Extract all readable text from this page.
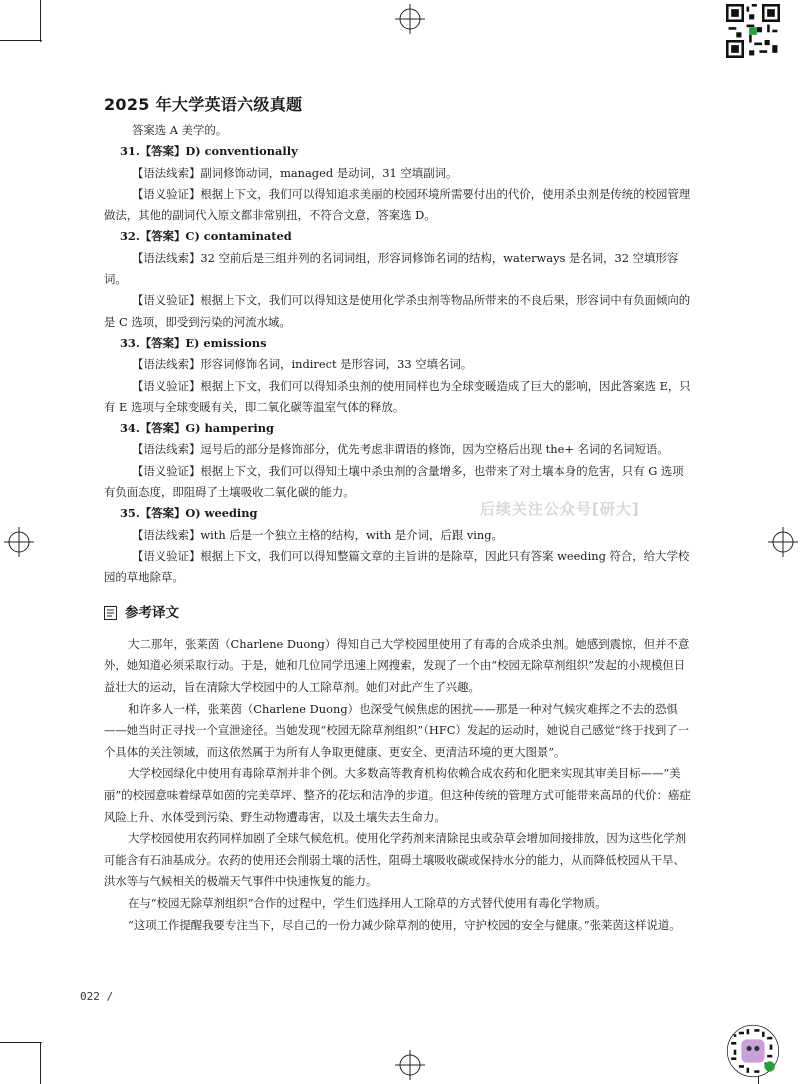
2025 年大学英语六级真题

答案选 A 美学的。

31.【答案】D) conventionally

【语法线索】副词修饰动词，managed 是动词，31 空填副词。

【语义验证】根据上下文，我们可以得知追求美丽的校园环境所需要付出的代价，使用杀虫剂是传统的校园管理做法，其他的副词代入原文都非常别扭，不符合文意，答案选 D。

32.【答案】C) contaminated

【语法线索】32 空前后是三组并列的名词词组，形容词修饰名词的结构，waterways 是名词，32 空填形容词。

【语义验证】根据上下文，我们可以得知这是使用化学杀虫剂等物品所带来的不良后果，形容词中有负面倾向的是 C 选项，即受到污染的河流水域。

33.【答案】E) emissions

【语法线索】形容词修饰名词，indirect 是形容词，33 空填名词。

【语义验证】根据上下文，我们可以得知杀虫剂的使用同样也为全球变暖造成了巨大的影响，因此答案选 E，只有 E 选项与全球变暖有关，即二氧化碳等温室气体的释放。

34.【答案】G) hampering

【语法线索】逗号后的部分是修饰部分，优先考虑非谓语的修饰，因为空格后出现 the+ 名词的名词短语。

【语义验证】根据上下文，我们可以得知土壤中杀虫剂的含量增多，也带来了对土壤本身的危害，只有 G 选项有负面态度，即阻碍了土壤吸收二氧化碳的能力。

35.【答案】O) weeding

【语法线索】with 后是一个独立主格的结构，with 是介词，后跟 ving。

【语义验证】根据上下文，我们可以得知整篇文章的主旨讲的是除草，因此只有答案 weeding 符合，给大学校园的草地除草。

参考译文

大二那年，张莱茵（Charlene Duong）得知自己大学校园里使用了有毒的合成杀虫剂。她感到震惊，但并不意外，她知道必须采取行动。于是，她和几位同学迅速上网搜索，发现了一个由“校园无除草剂组织”发起的小规模但日益壮大的运动，旨在清除大学校园中的人工除草剂。她们对此产生了兴趣。

和许多人一样，张莱茵（Charlene Duong）也深受气候焦虑的困扰——那是一种对气候灾难挥之不去的恐惧——她当时正寻找一个宣泄途径。当她发现“校园无除草剂组织”（HFC）发起的运动时，她说自己感觉“终于找到了一个具体的关注领域，而这依然属于为所有人争取更健康、更安全、更清洁环境的更大图景”。

大学校园绿化中使用有毒除草剂并非个例。大多数高等教育机构依赖合成农药和化肥来实现其审美目标——“美丽”的校园意味着绿草如茵的完美草坪、整齐的花坛和洁净的步道。但这种传统的管理方式可能带来高昂的代价：癌症风险上升、水体受到污染、野生动物遭毒害，以及土壤失去生命力。

大学校园使用农药同样加剧了全球气候危机。使用化学药剂来清除昆虫或杂草会增加间接排放，因为这些化学剂可能含有石油基成分。农药的使用还会削弱土壤的活性，阻碍土壤吸收碳或保持水分的能力，从而降低校园从干旱、洪水等与气候相关的极端天气事件中快速恢复的能力。

在与“校园无除草剂组织”合作的过程中，学生们选择用人工除草的方式替代使用有毒化学物质。

“这项工作提醒我要专注当下，尽自己的一份力减少除草剂的使用，守护校园的安全与健康。”张莱茵这样说道。

后续关注公众号[研大]
022 /
